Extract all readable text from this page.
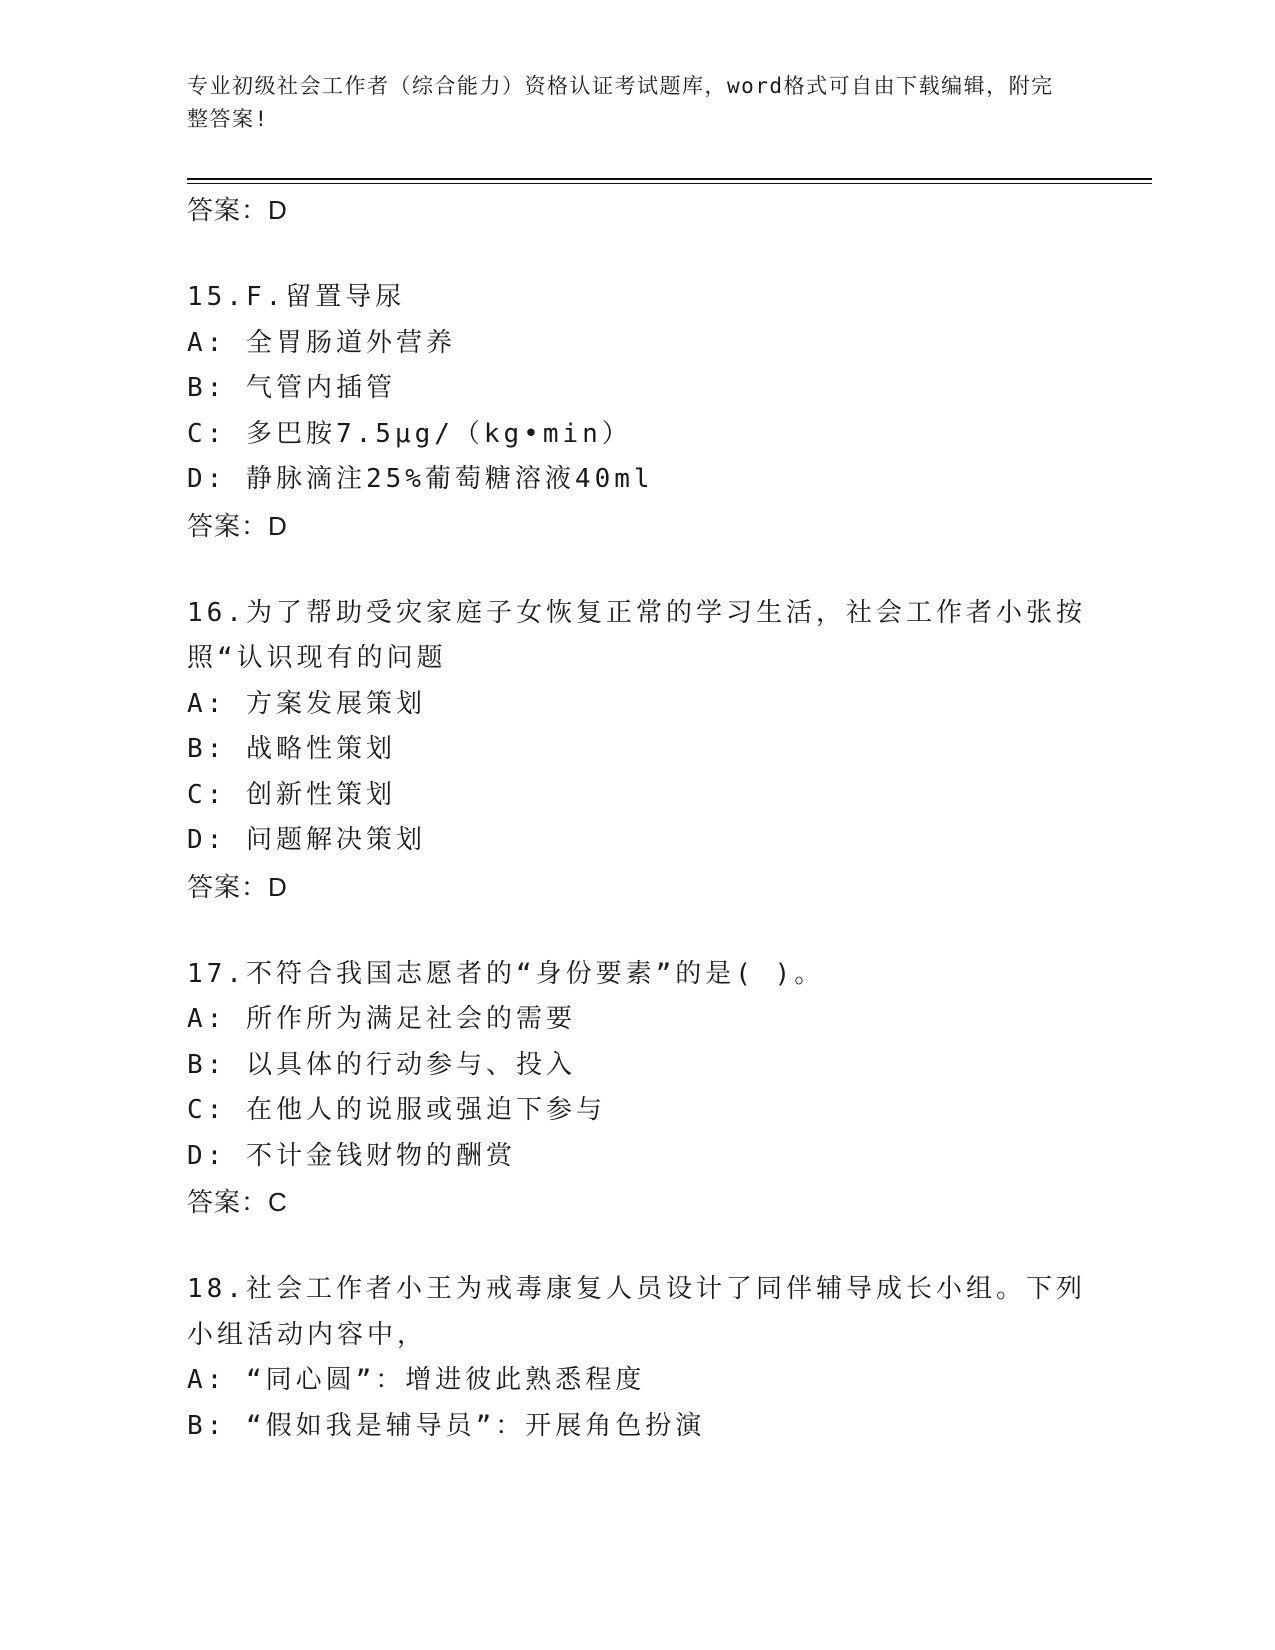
专业初级社会工作者（综合能力）资格认证考试题库，word格式可自由下载编辑，附完整答案!
答案：D
15.F.留置导尿
A: 全胃肠道外营养
B: 气管内插管
C: 多巴胺7.5μg/（kg•min）
D: 静脉滴注25%葡萄糖溶液40ml
答案：D
16.为了帮助受灾家庭子女恢复正常的学习生活，社会工作者小张按照“认识现有的问题
A: 方案发展策划
B: 战略性策划
C: 创新性策划
D: 问题解决策划
答案：D
17.不符合我国志愿者的“身份要素”的是( )。
A: 所作所为满足社会的需要
B: 以具体的行动参与、投入
C: 在他人的说服或强迫下参与
D: 不计金钱财物的酬赏
答案：C
18.社会工作者小王为戒毒康复人员设计了同伴辅导成长小组。下列小组活动内容中，
A: “同心圆”：增进彼此熟悉程度
B: “假如我是辅导员”：开展角色扮演
